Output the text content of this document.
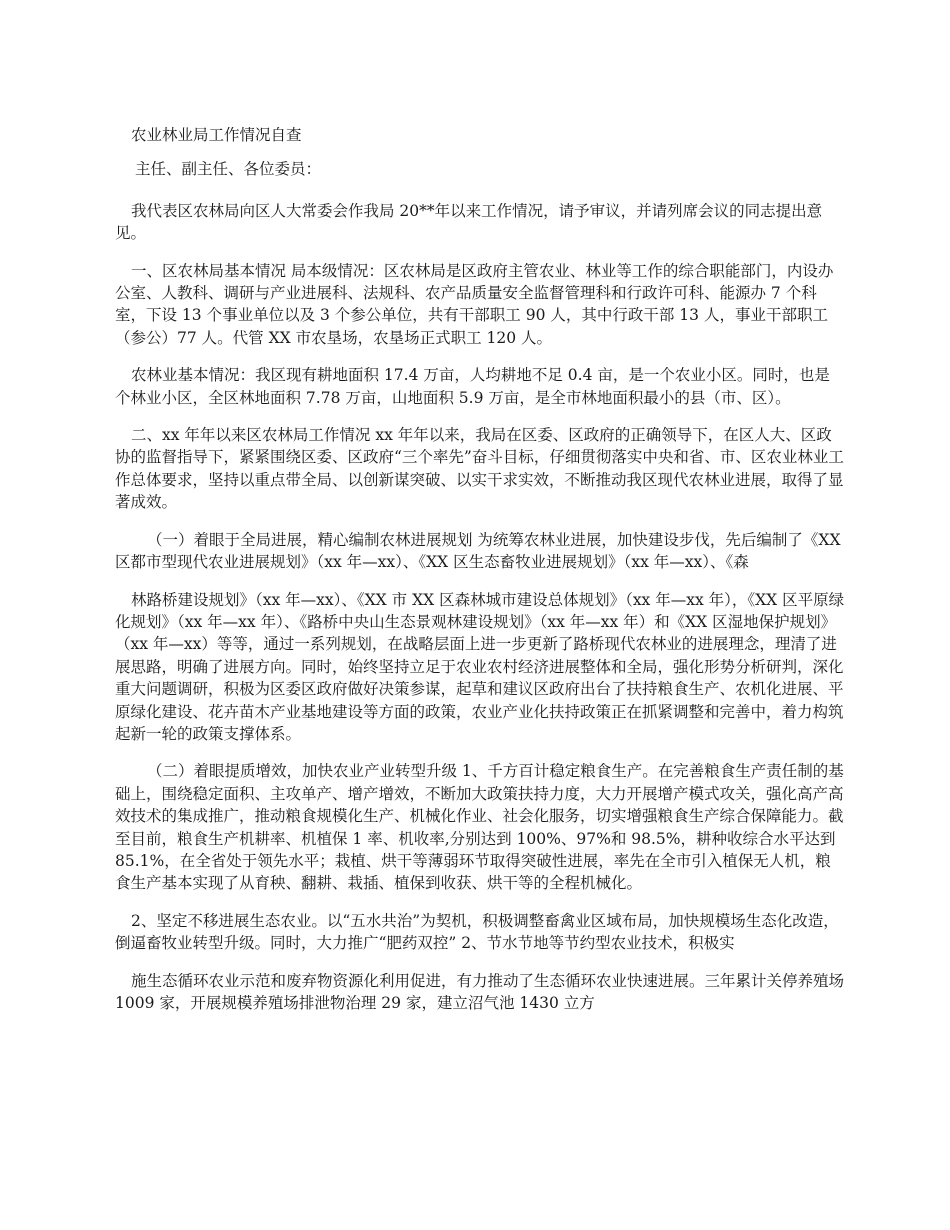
农业林业局工作情况自查

主任、副主任、各位委员：

我代表区农林局向区人大常委会作我局 20**年以来工作情况，请予审议，并请列席会议的同志提出意见。

一、区农林局基本情况 局本级情况：区农林局是区政府主管农业、林业等工作的综合职能部门，内设办公室、人教科、调研与产业进展科、法规科、农产品质量安全监督管理科和行政许可科、能源办 7 个科室，下设 13 个事业单位以及 3 个参公单位，共有干部职工 90 人，其中行政干部 13 人，事业干部职工（参公）77 人。代管 XX 市农垦场，农垦场正式职工 120 人。

农林业基本情况：我区现有耕地面积 17.4 万亩，人均耕地不足 0.4 亩，是一个农业小区。同时，也是个林业小区，全区林地面积 7.78 万亩，山地面积 5.9 万亩，是全市林地面积最小的县（市、区）。

二、xx 年年以来区农林局工作情况 xx 年年以来，我局在区委、区政府的正确领导下，在区人大、区政协的监督指导下，紧紧围绕区委、区政府“三个率先”奋斗目标，仔细贯彻落实中央和省、市、区农业林业工作总体要求，坚持以重点带全局、以创新谋突破、以实干求实效，不断推动我区现代农林业进展，取得了显著成效。

（一）着眼于全局进展，精心编制农林进展规划 为统筹农林业进展，加快建设步伐，先后编制了《XX 区都市型现代农业进展规划》（xx 年—xx）、《XX 区生态畜牧业进展规划》（xx 年—xx）、《森

林路桥建设规划》（xx 年—xx）、《XX 市 XX 区森林城市建设总体规划》（xx 年—xx 年），《XX 区平原绿化规划》（xx 年—xx 年）、《路桥中央山生态景观林建设规划》（xx 年—xx 年）和《XX 区湿地保护规划》（xx 年—xx）等等，通过一系列规划，在战略层面上进一步更新了路桥现代农林业的进展理念，理清了进展思路，明确了进展方向。同时，始终坚持立足于农业农村经济进展整体和全局，强化形势分析研判，深化重大问题调研，积极为区委区政府做好决策参谋，起草和建议区政府出台了扶持粮食生产、农机化进展、平原绿化建设、花卉苗木产业基地建设等方面的政策，农业产业化扶持政策正在抓紧调整和完善中，着力构筑起新一轮的政策支撑体系。

（二）着眼提质增效，加快农业产业转型升级 1、千方百计稳定粮食生产。在完善粮食生产责任制的基础上，围绕稳定面积、主攻单产、增产增效，不断加大政策扶持力度，大力开展增产模式攻关，强化高产高效技术的集成推广，推动粮食规模化生产、机械化作业、社会化服务，切实增强粮食生产综合保障能力。截至目前，粮食生产机耕率、机植保 1 率、机收率,分别达到 100%、97%和 98.5%，耕种收综合水平达到 85.1%，在全省处于领先水平；栽植、烘干等薄弱环节取得突破性进展，率先在全市引入植保无人机，粮食生产基本实现了从育秧、翻耕、栽插、植保到收获、烘干等的全程机械化。

2、坚定不移进展生态农业。以“五水共治”为契机，积极调整畜禽业区域布局，加快规模场生态化改造，倒逼畜牧业转型升级。同时，大力推广“肥药双控” 2、节水节地等节约型农业技术，积极实

施生态循环农业示范和废弃物资源化利用促进，有力推动了生态循环农业快速进展。三年累计关停养殖场 1009 家，开展规模养殖场排泄物治理 29 家，建立沼气池 1430 立方
